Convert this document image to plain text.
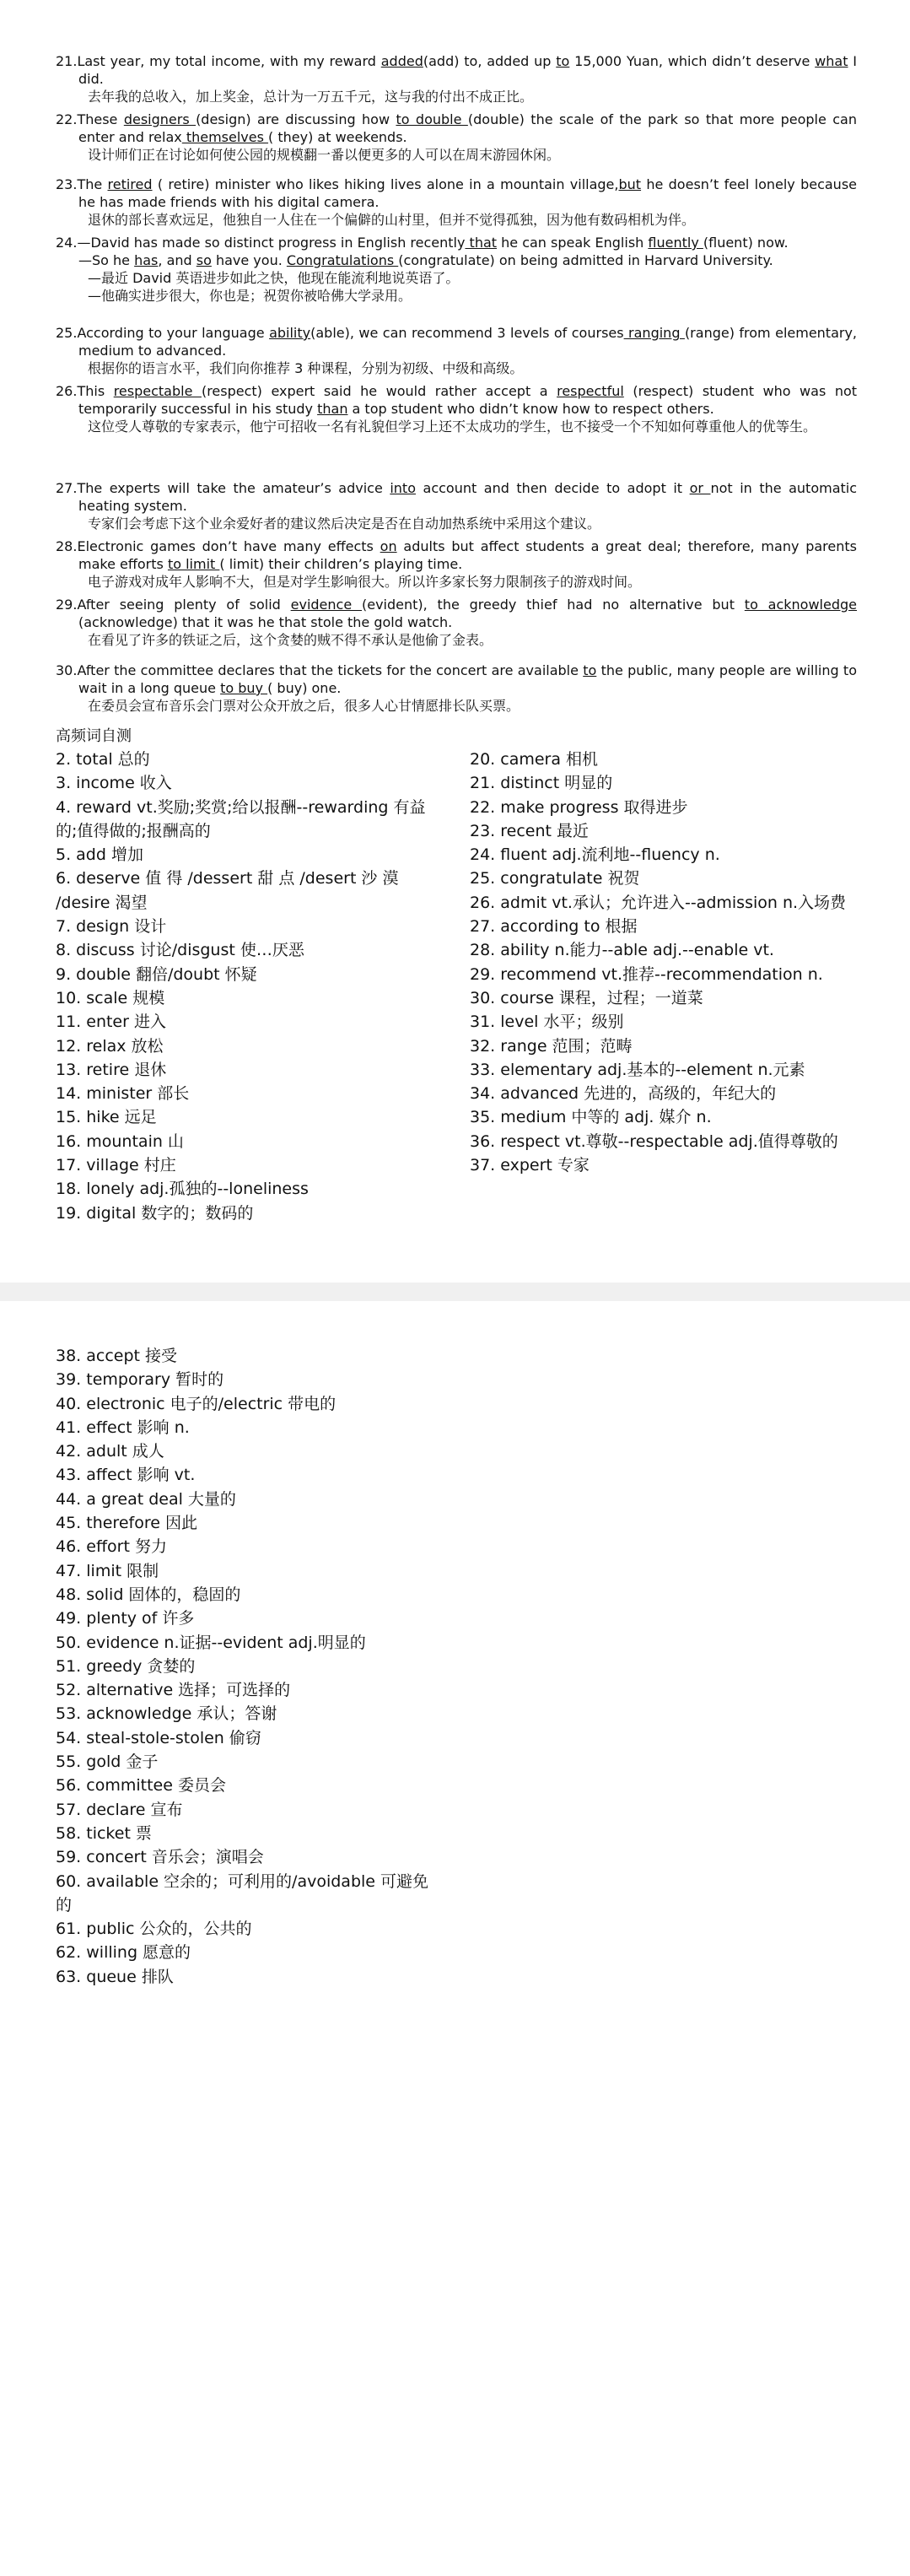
21.Last year, my total income, with my reward added(add) to, added up to 15,000 Yuan, which didn’t deserve what I did.
去年我的总收入，加上奖金，总计为一万五千元，这与我的付出不成正比。
22.These designers (design) are discussing how to double (double) the scale of the park so that more people can enter and relax themselves ( they) at weekends.
设计师们正在讨论如何使公园的规模翻一番以便更多的人可以在周末游园休闲。
23.The retired ( retire) minister who likes hiking lives alone in a mountain village,but he doesn’t feel lonely because he has made friends with his digital camera.
退休的部长喜欢远足，他独自一人住在一个偏僻的山村里，但并不觉得孤独，因为他有数码相机为伴。
24.—David has made so distinct progress in English recently that he can speak English fluently (fluent) now.
—So he has, and so have you. Congratulations (congratulate) on being admitted in Harvard University.
—最近 David 英语进步如此之快，他现在能流利地说英语了。
—他确实进步很大，你也是；祝贺你被哈佛大学录用。
25.According to your language ability(able), we can recommend 3 levels of courses ranging (range) from elementary, medium to advanced.
根据你的语言水平，我们向你推荐 3 种课程，分别为初级、中级和高级。
26.This respectable (respect) expert said he would rather accept a respectful (respect) student who was not temporarily successful in his study than a top student who didn’t know how to respect others.
这位受人尊敬的专家表示，他宁可招收一名有礼貌但学习上还不太成功的学生，也不接受一个不知如何尊重他人的优等生。
27.The experts will take the amateur’s advice into account and then decide to adopt it or not in the automatic heating system.
专家们会考虑下这个业余爱好者的建议然后决定是否在自动加热系统中采用这个建议。
28.Electronic games don’t have many effects on adults but affect students a great deal; therefore, many parents make efforts to limit ( limit) their children’s playing time.
电子游戏对成年人影响不大，但是对学生影响很大。所以许多家长努力限制孩子的游戏时间。
29.After seeing plenty of solid evidence (evident), the greedy thief had no alternative but to acknowledge (acknowledge) that it was he that stole the gold watch.
在看见了许多的铁证之后，这个贪婪的贼不得不承认是他偷了金表。
30.After the committee declares that the tickets for the concert are available to the public, many people are willing to wait in a long queue to buy ( buy) one.
在委员会宣布音乐会门票对公众开放之后，很多人心甘情愿排长队买票。
高频词自测
2. total 总的
3. income 收入
4. reward vt.奖励;奖赏;给以报酬--rewarding 有益的;值得做的;报酬高的
5. add 增加
6. deserve 值 得 /dessert 甜 点 /desert 沙 漠 /desire 渴望
7. design 设计
8. discuss 讨论/disgust 使…厌恶
9. double 翻倍/doubt 怀疑
10. scale 规模
11. enter 进入
12. relax 放松
13. retire 退休
14. minister 部长
15. hike 远足
16. mountain 山
17. village 村庄
18. lonely adj.孤独的--loneliness
19. digital 数字的；数码的
20. camera 相机
21. distinct 明显的
22. make progress 取得进步
23. recent 最近
24. fluent adj.流利地--fluency n.
25. congratulate 祝贺
26. admit vt.承认；允许进入--admission n.入场费
27. according to 根据
28. ability n.能力--able adj.--enable vt.
29. recommend vt.推荐--recommendation n.
30. course 课程，过程；一道菜
31. level 水平；级别
32. range 范围；范畴
33. elementary adj.基本的--element n.元素
34. advanced 先进的，高级的，年纪大的
35. medium 中等的 adj. 媒介 n.
36. respect vt.尊敬--respectable adj.值得尊敬的
37. expert 专家
38. accept 接受
39. temporary 暂时的
40. electronic 电子的/electric 带电的
41. effect 影响 n.
42. adult 成人
43. affect 影响 vt.
44. a great deal 大量的
45. therefore 因此
46. effort 努力
47. limit 限制
48. solid 固体的，稳固的
49. plenty of 许多
50. evidence n.证据--evident adj.明显的
51. greedy 贪婪的
52. alternative 选择；可选择的
53. acknowledge 承认；答谢
54. steal-stole-stolen 偷窃
55. gold 金子
56. committee 委员会
57. declare 宣布
58. ticket 票
59. concert 音乐会；演唱会
60. available 空余的；可利用的/avoidable 可避免的
61. public 公众的，公共的
62. willing 愿意的
63. queue 排队
